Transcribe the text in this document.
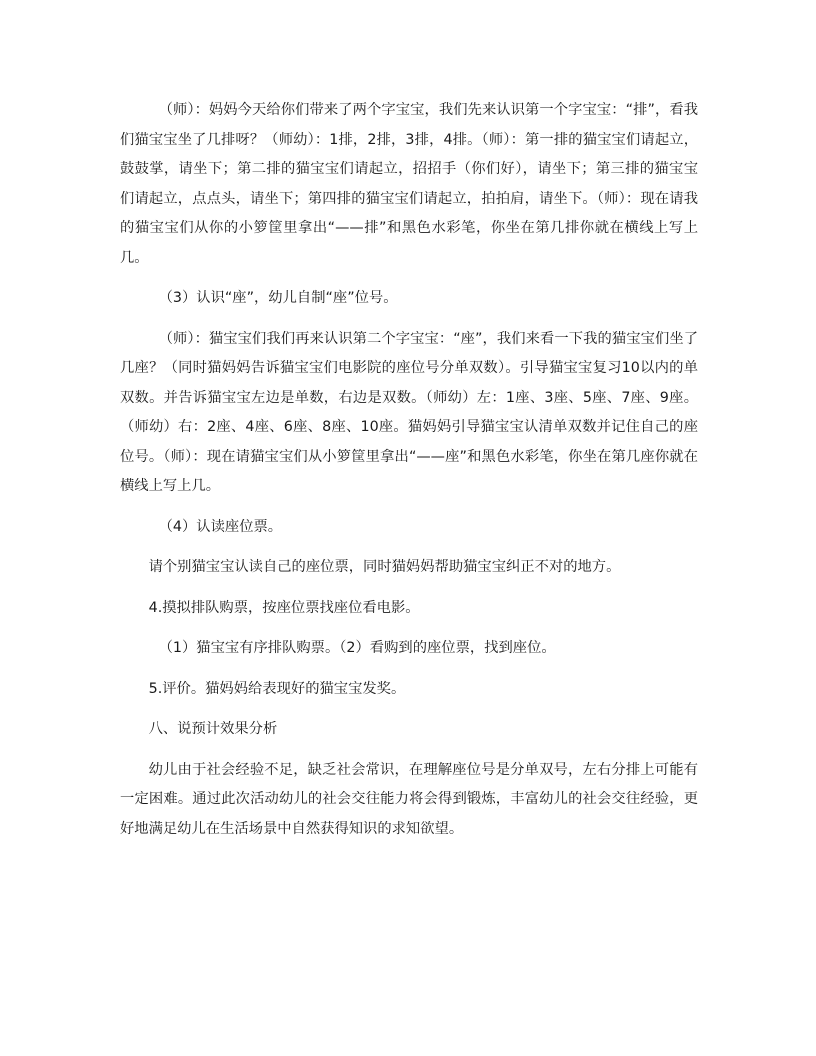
（师）：妈妈今天给你们带来了两个字宝宝，我们先来认识第一个字宝宝：“排”，看我们猫宝宝坐了几排呀？（师幼）：1排，2排，3排，4排。（师）：第一排的猫宝宝们请起立，鼓鼓掌，请坐下；第二排的猫宝宝们请起立，招招手（你们好），请坐下；第三排的猫宝宝们请起立，点点头，请坐下；第四排的猫宝宝们请起立，拍拍肩，请坐下。（师）：现在请我的猫宝宝们从你的小箩筐里拿出“——排”和黑色水彩笔，你坐在第几排你就在横线上写上几。

（3）认识“座”，幼儿自制“座”位号。

（师）：猫宝宝们我们再来认识第二个字宝宝：“座”，我们来看一下我的猫宝宝们坐了几座？（同时猫妈妈告诉猫宝宝们电影院的座位号分单双数）。引导猫宝宝复习10以内的单双数。并告诉猫宝宝左边是单数，右边是双数。（师幼）左：1座、3座、5座、7座、9座。（师幼）右：2座、4座、6座、8座、10座。猫妈妈引导猫宝宝认清单双数并记住自己的座位号。（师）：现在请猫宝宝们从小箩筐里拿出“——座”和黑色水彩笔，你坐在第几座你就在横线上写上几。

（4）认读座位票。

请个别猫宝宝认读自己的座位票，同时猫妈妈帮助猫宝宝纠正不对的地方。

4.摸拟排队购票，按座位票找座位看电影。

（1）猫宝宝有序排队购票。（2）看购到的座位票，找到座位。

5.评价。猫妈妈给表现好的猫宝宝发奖。

八、说预计效果分析

幼儿由于社会经验不足，缺乏社会常识，在理解座位号是分单双号，左右分排上可能有一定困难。通过此次活动幼儿的社会交往能力将会得到锻炼，丰富幼儿的社会交往经验，更好地满足幼儿在生活场景中自然获得知识的求知欲望。
